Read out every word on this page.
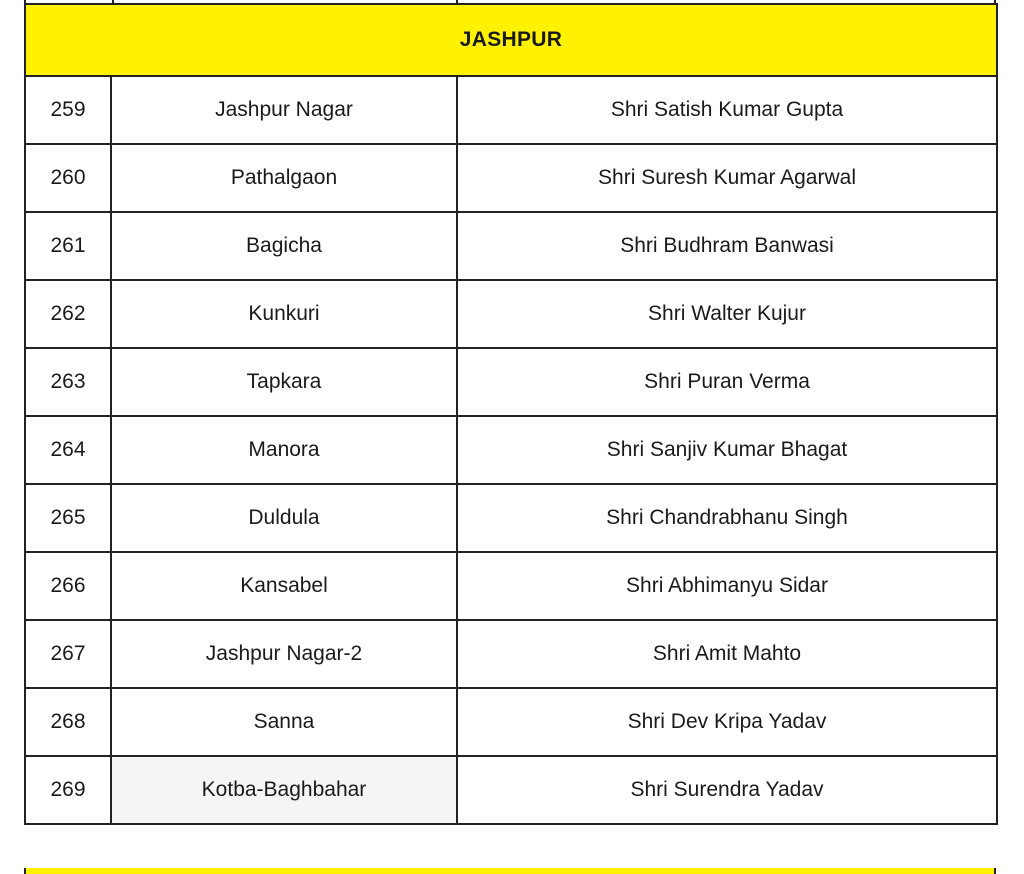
JASHPUR		
259	Jashpur Nagar	Shri Satish Kumar Gupta
260	Pathalgaon	Shri Suresh Kumar Agarwal
261	Bagicha	Shri Budhram Banwasi
262	Kunkuri	Shri Walter Kujur
263	Tapkara	Shri Puran Verma
264	Manora	Shri Sanjiv Kumar Bhagat
265	Duldula	Shri Chandrabhanu Singh
266	Kansabel	Shri Abhimanyu Sidar
267	Jashpur Nagar-2	Shri Amit Mahto
268	Sanna	Shri Dev Kripa Yadav
269	Kotba-Baghbahar	Shri Surendra Yadav
